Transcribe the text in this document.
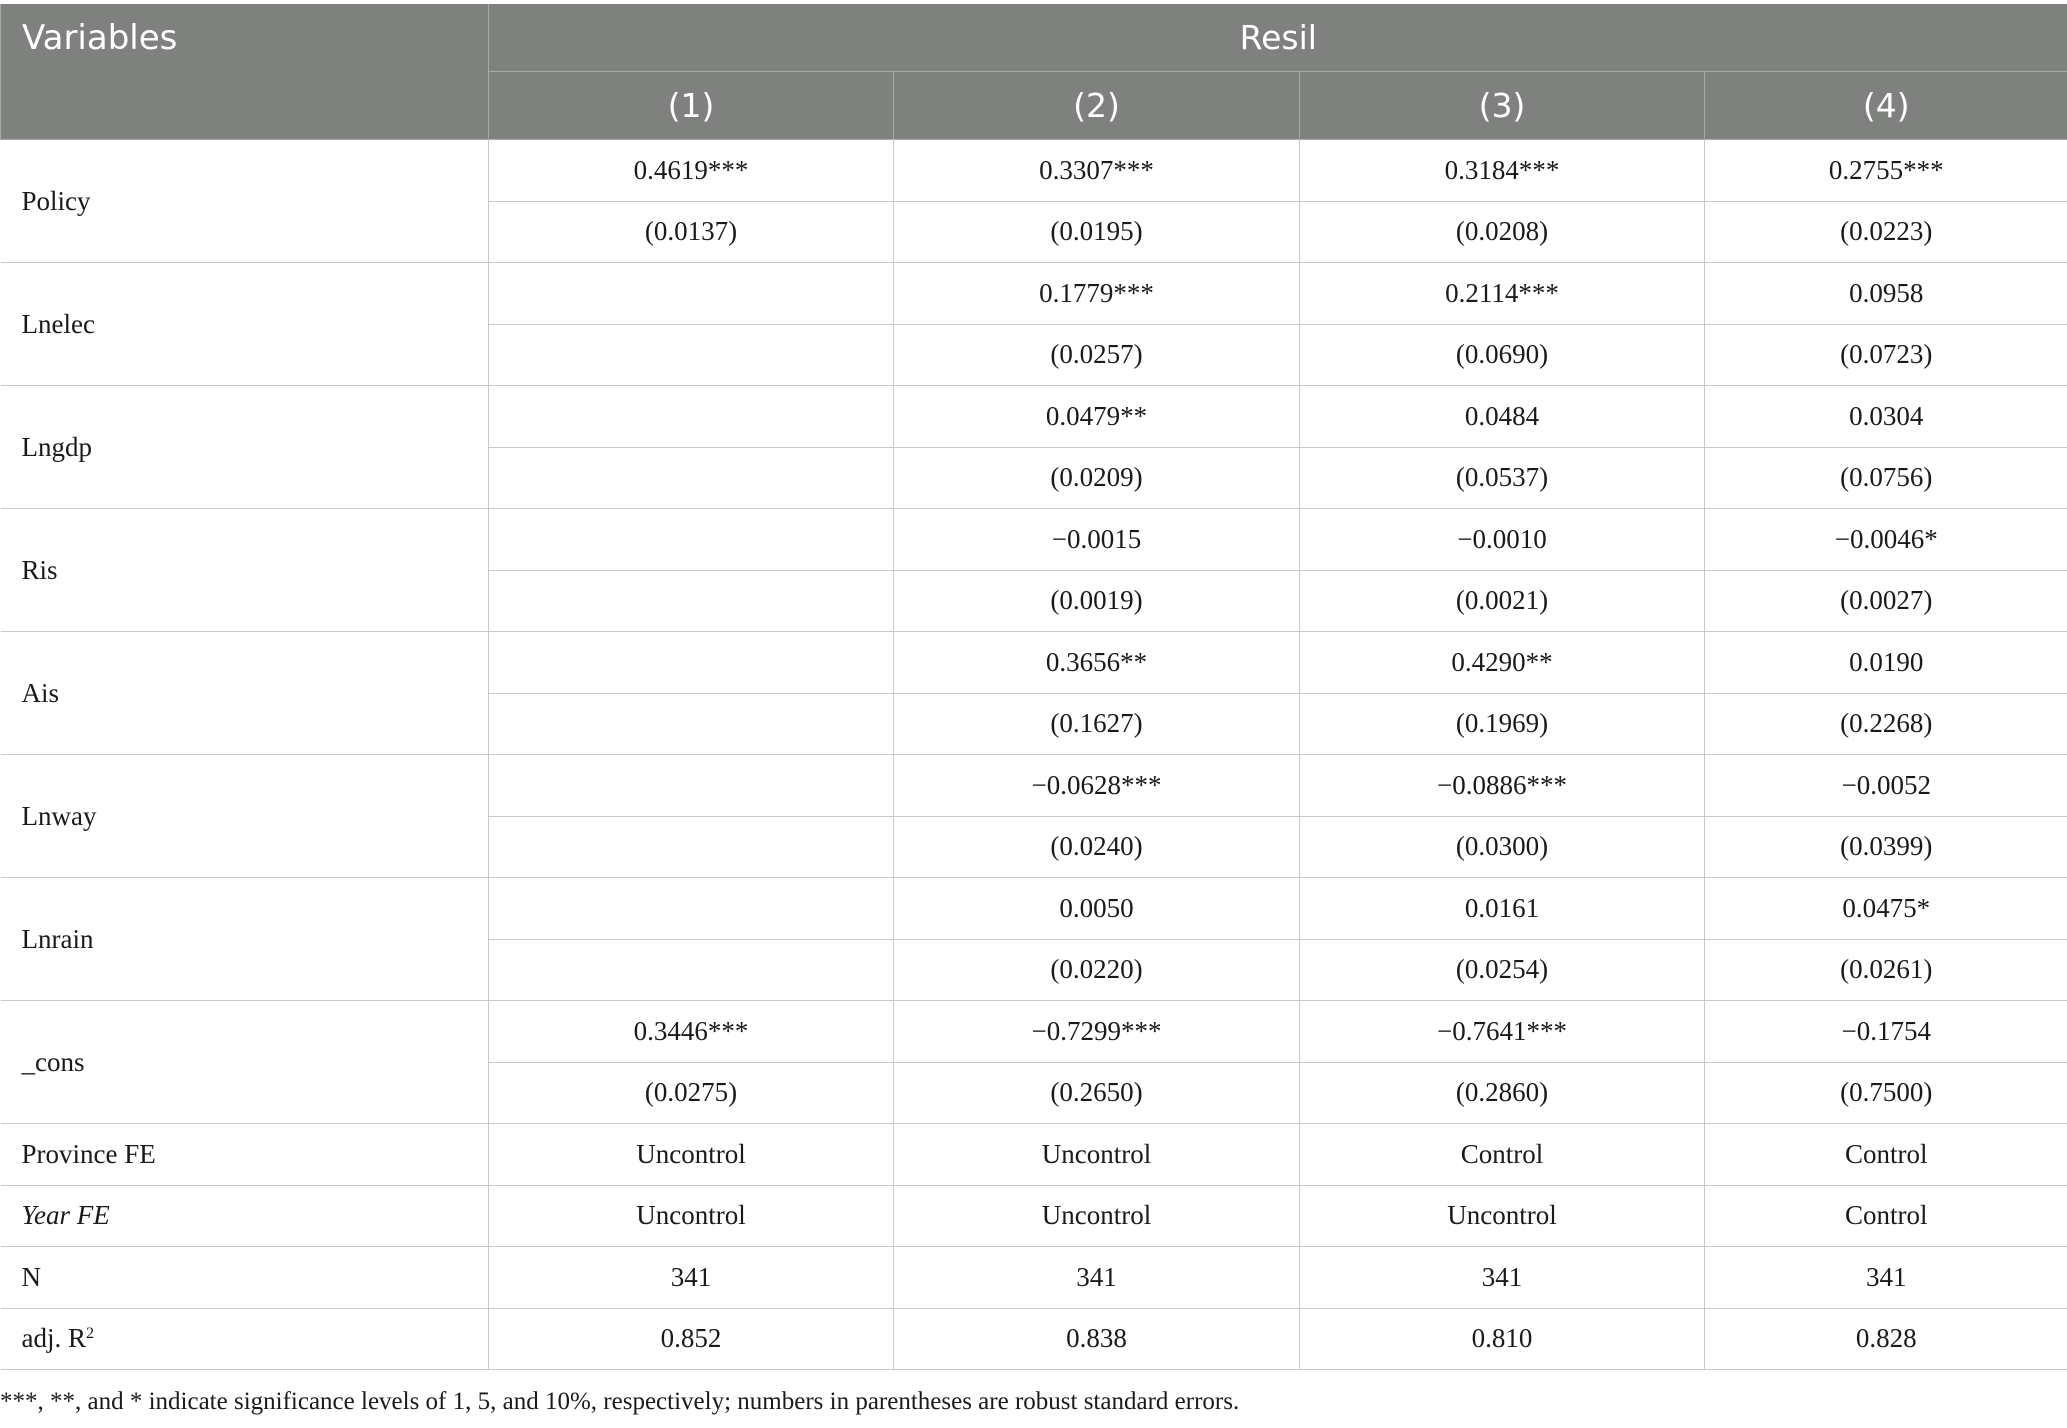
Variables	Resil			
	(1)	(2)	(3)	(4)
Policy	0.4619***	0.3307***	0.3184***	0.2755***
	(0.0137)	(0.0195)	(0.0208)	(0.0223)
Lnelec		0.1779***	0.2114***	0.0958
		(0.0257)	(0.0690)	(0.0723)
Lngdp		0.0479**	0.0484	0.0304
		(0.0209)	(0.0537)	(0.0756)
Ris		−0.0015	−0.0010	−0.0046*
		(0.0019)	(0.0021)	(0.0027)
Ais		0.3656**	0.4290**	0.0190
		(0.1627)	(0.1969)	(0.2268)
Lnway		−0.0628***	−0.0886***	−0.0052
		(0.0240)	(0.0300)	(0.0399)
Lnrain		0.0050	0.0161	0.0475*
		(0.0220)	(0.0254)	(0.0261)
_cons	0.3446***	−0.7299***	−0.7641***	−0.1754
	(0.0275)	(0.2650)	(0.2860)	(0.7500)
Province FE	Uncontrol	Uncontrol	Control	Control
Year FE	Uncontrol	Uncontrol	Uncontrol	Control
N	341	341	341	341
adj. $R^2$	0.852	0.838	0.810	0.828
***, **, and * indicate significance levels of 1, 5, and 10%, respectively; numbers in parentheses are robust standard errors.
